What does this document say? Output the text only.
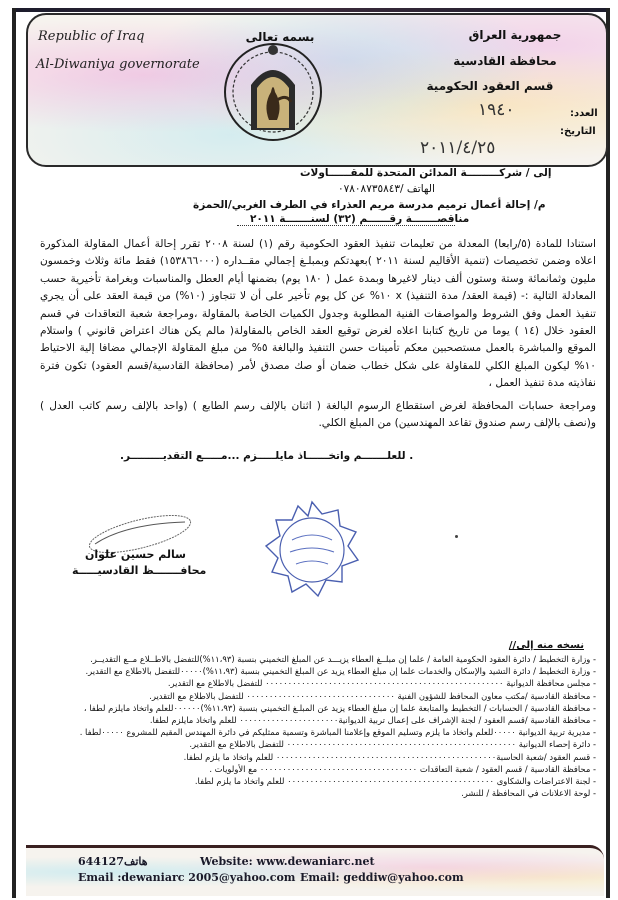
Republic of Iraq
Al-Diwaniya governorate
بسمه تعالى	جمهورية العراق
محافظة القادسية
قسم العقود الحكومية
العدد:
١٩٤٠
التاريخ:
٢٠١١/٤/٢٥
إلى / شركـــــــــة المدائن المتحدة للمقــــــاولات
الهاتف /٠٧٨٠٨٧٣٥٨٤٣
م/ إحالة أعمال ترميم مدرسة مريم العذراء في الطرف الغربي/الحمزة
مناقصـــــــة رقــــــم (٣٢) لسنـــــــة ٢٠١١
استنادا للمادة (٥/رابعا) المعدلة من تعليمات تنفيذ العقود الحكومية رقم (١) لسنة ٢٠٠٨ تقرر إحالة أعمال المقاولة المذكورة اعلاه وضمن تخصيصات (تنمية الأقاليم لسنة ٢٠١١ )بعهدتكم وبمبلـغ إجمالي مقــداره (١٥٣٨٦٦٠٠٠) فقط مائة وثلاث وخمسون مليون وثمانمائة وستة وستون ألف دينار لاغيرها وبمدة عمل ( ١٨٠ يوم) بضمنها أيام العطل والمناسبات وبغرامة تأخيرية حسب المعادلة التالية :- (قيمة العقد/ مدة التنفيذ) x ١٠% عن كل يوم تأخير على أن لا تتجاوز (١٠%) من قيمة العقد على أن يجري تنفيذ العمل وفق الشروط والمواصفات الفنية المطلوبة وجدول الكميات الخاصة بالمقاولة ،ومراجعة شعبة التعاقدات في قسم العقود خلال (١٤ ) يوما من تاريخ كتابنا اعلاه لغرض توقيع العقد الخاص بالمقاولة( مالم يكن هناك اعتراض قانوني ) واستلام الموقع والمباشرة بالعمل مستصحبين معكم تأمينات حسن التنفيذ والبالغة ٥% من مبلغ المقاولة الإجمالي مضافا إلية الاحتياط ١٠% ليكون المبلغ الكلي للمقاولة على شكل خطاب ضمان أو صك مصدق لأمر (محافظة القادسية/قسم العقود) تكون فترة نفاذيته مدة تنفيذ العمل ،
ومراجعة حسابات المحافظة لغرض استقطاع الرسوم البالغة ( اثنان بالإلف رسم الطابع ) (واحد بالإلف رسم كاتب العدل ) و(نصف بالإلف رسم صندوق تقاعد المهندسين) من المبلغ الكلي.
. للعلـــــــم واتخــــــاذ مايلـــــزم ...مـــــع التقديـــــــــر.
سالم حسين علوان
محافـــــــظ القادسيـــــة
نسخه منه إلى//
- وزارة التخطيط / دائرة العقود الحكومية العامة / علما إن مبلــغ العطاء يزيـــد عن المبلغ التخميني بنسبة (١١،٩٣%)للتفضل بالاطــلاع مــع التقديــر.
- وزارة التخطيط / دائرة التشيد والإسكان والخدمات علما إن مبلغ العطاء يزيد عن المبلغ التخميني بنسبة (١١،٩٣%)٠٠٠٠٠للتفضل بالاطلاع مع التقدير.
- مجلس محافظة الديوانية ٠٠٠٠٠٠٠٠٠٠٠٠٠٠٠٠٠٠٠٠٠٠٠٠٠٠٠٠٠٠٠٠٠٠٠٠٠٠٠٠٠٠٠٠٠٠٠٠٠٠٠٠٠ للتفضل بالاطلاع مع التقدير.
- محافظة القادسية /مكتب معاون المحافظ للشؤون الفنية ٠٠٠٠٠٠٠٠٠٠٠٠٠٠٠٠٠٠٠٠٠٠٠٠٠٠٠٠٠٠٠٠٠ للتفضل بالاطلاع مع التقدير.
- محافظة القادسية / الحسابات / التخطيط والمتابعة علما إن مبلغ العطاء يزيد عن المبلـغ التخميني بنسبة (١١،٩٣%)٠٠٠٠٠٠للعلم واتخاذ مايلزم لطفا ،
- محافظة القادسية /قسم العقود / لجنة الإشراف على إعمال تربية الديوانية٠٠٠٠٠٠٠٠٠٠٠٠٠٠٠٠٠٠٠٠٠٠ للعلم واتخاذ مايلزم لطفا.
- مديرية تربية الديوانية ٠٠٠٠٠للعلم واتخاذ ما يلزم وتسليم الموقع وإعلامنا المباشرة وتسمية ممثليكم في دائرة المهندس المقيم للمشروع ٠٠٠٠٠لطفا .
- دائرة إحصاء الديوانية ٠٠٠٠٠٠٠٠٠٠٠٠٠٠٠٠٠٠٠٠٠٠٠٠٠٠٠٠٠٠٠٠٠٠٠٠٠٠٠٠٠٠٠٠٠٠٠٠٠٠٠ للتفضل بالاطلاع مع التقدير.
- قسم العقود /شعبة الحاسبة٠٠٠٠٠٠٠٠٠٠٠٠٠٠٠٠٠٠٠٠٠٠٠٠٠٠٠٠٠٠٠٠٠٠٠٠٠٠٠٠٠٠٠٠٠٠٠٠٠ للعلم واتخاذ ما يلزم لطفا.
- محافظة القادسية / قسم العقود / شعبة التعاقدات ٠٠٠٠٠٠٠٠٠٠٠٠٠٠٠٠٠٠٠٠٠٠٠٠٠٠٠٠٠٠٠٠٠٠٠ مع الأولويات .
- لجنة الاعتراضات والشكاوى ٠٠٠٠٠٠٠٠٠٠٠٠٠٠٠٠٠٠٠٠٠٠٠٠٠٠٠٠٠٠٠٠٠٠٠٠٠٠٠٠٠٠٠٠٠٠ للعلم واتخاذ ما يلزم لطفا.
- لوحة الاعلانات في المحافظة / للنشر.
هاتف644127	Website: www.dewaniarc.net
Email :dewaniarc 2005@yahoo.com Email: geddiw@yahoo.com
